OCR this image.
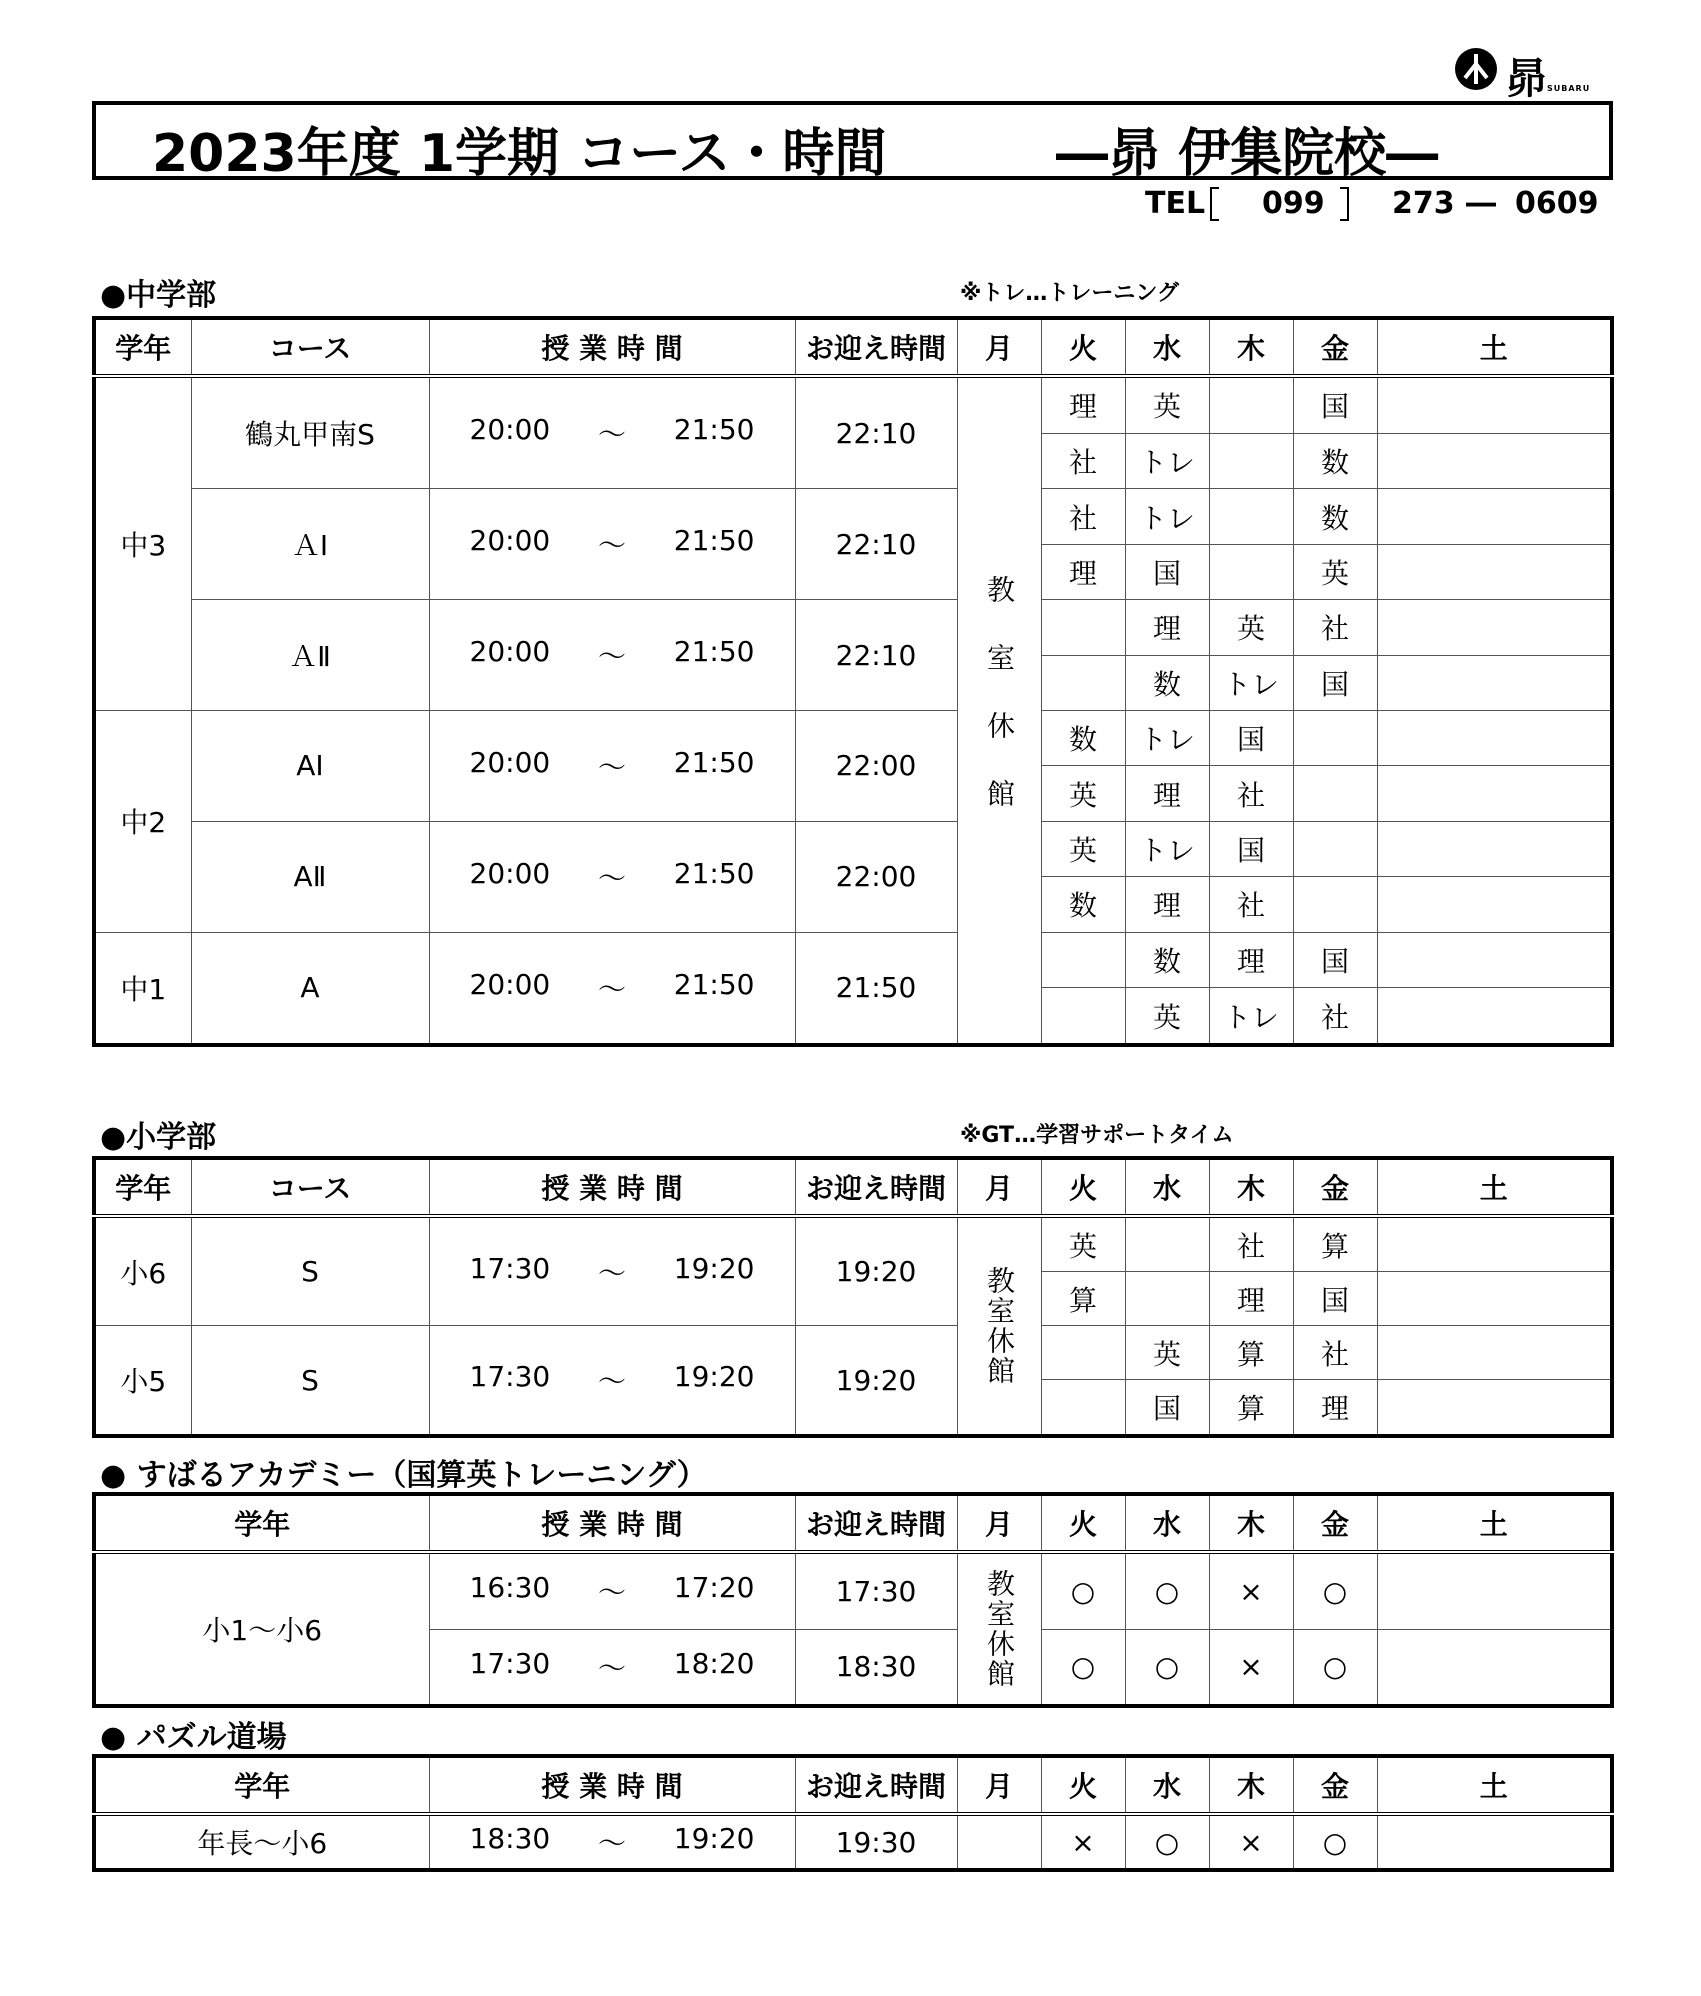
昴 SUBARU
2023年度 1学期 コース・時間	―昴 伊集院校―
TEL 099 273 ― 0609
●中学部	※トレ…トレーニング
学年	コース	授 業 時 間	お迎え時間	月	火	水	木	金	土
中3	鶴丸甲南S	20:00 ～ 21:50	22:10	教室休館	理	英		国	
					社	トレ		数	
	ＡⅠ	20:00 ～ 21:50	22:10		社	トレ		数	
					理	国		英	
	ＡⅡ	20:00 ～ 21:50	22:10			理	英	社	
						数	トレ	国	
中2	AⅠ	20:00 ～ 21:50	22:00		数	トレ	国		
					英	理	社		
	AⅡ	20:00 ～ 21:50	22:00		英	トレ	国		
					数	理	社		
中1	A	20:00 ～ 21:50	21:50			数	理	国	
						英	トレ	社	
●小学部	※GT…学習サポートタイム
学年	コース	授 業 時 間	お迎え時間	月	火	水	木	金	土
小6	S	17:30 ～ 19:20	19:20	教室休館	英		社	算	
					算		理	国	
小5	S	17:30 ～ 19:20	19:20			英	算	社	
						国	算	理	
● すばるアカデミー（国算英トレーニング）
学年	授 業 時 間	お迎え時間	月	火	水	木	金	土
小1～小6	16:30 ～ 17:20	17:30	教室休館	○	○	×	○	

	17:30 ～ 18:20	18:30		○	○	×	○	
● パズル道場
学年	授 業 時 間	お迎え時間	月	火	水	木	金	土
年長～小6	18:30 ～ 19:20	19:30		×	○	×	○	
